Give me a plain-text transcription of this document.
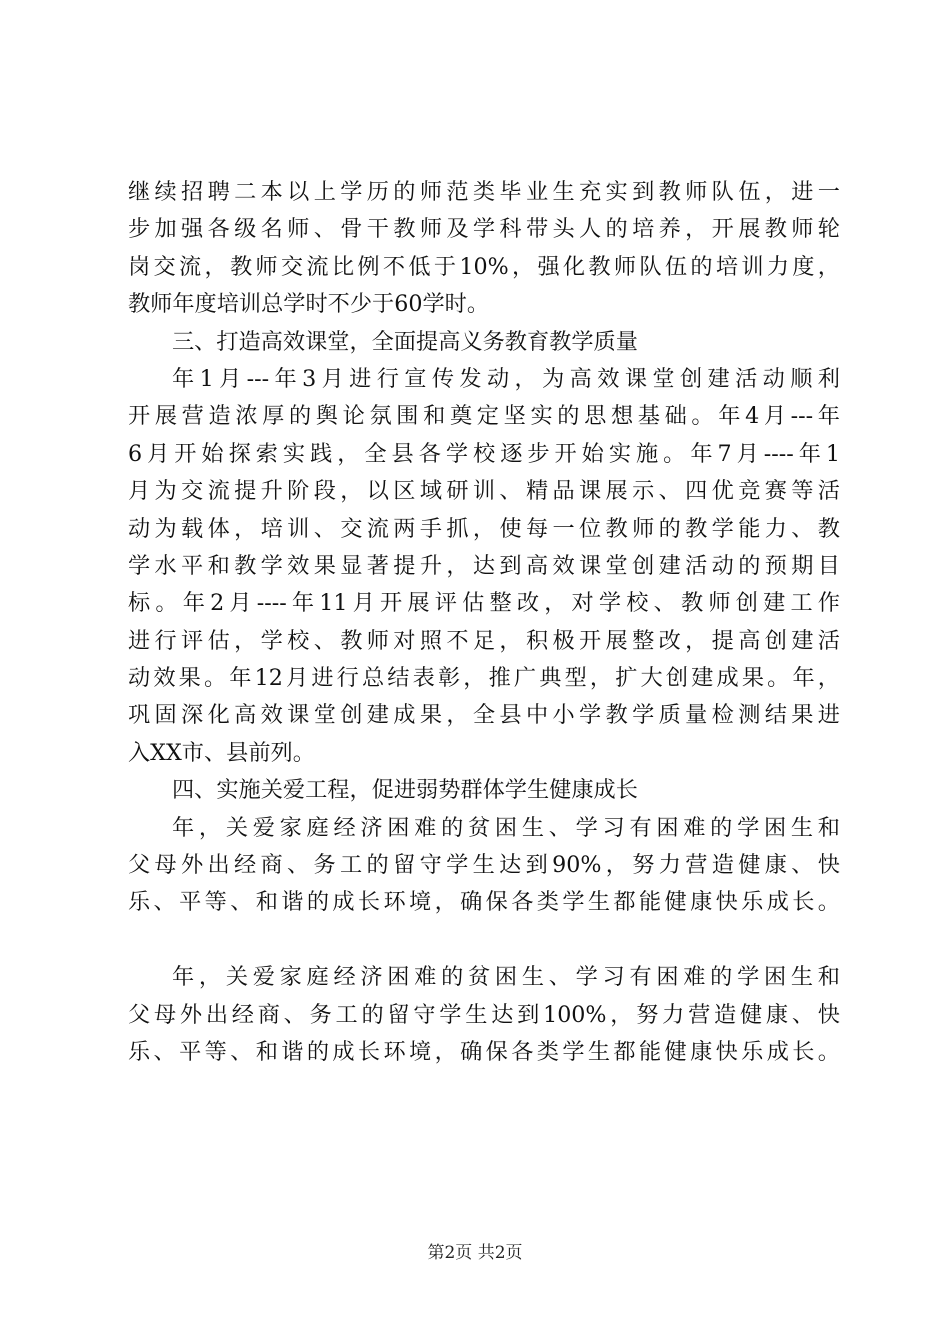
继续招聘二本以上学历的师范类毕业生充实到教师队伍，进一
步加强各级名师、骨干教师及学科带头人的培养，开展教师轮
岗交流，教师交流比例不低于10%，强化教师队伍的培训力度，
教师年度培训总学时不少于60学时。
三、打造高效课堂，全面提高义务教育教学质量
年1月---年3月进行宣传发动，为高效课堂创建活动顺利
开展营造浓厚的舆论氛围和奠定坚实的思想基础。年4月---年
6月开始探索实践，全县各学校逐步开始实施。年7月----年1
月为交流提升阶段，以区域研训、精品课展示、四优竞赛等活
动为载体，培训、交流两手抓，使每一位教师的教学能力、教
学水平和教学效果显著提升，达到高效课堂创建活动的预期目
标。年2月----年11月开展评估整改，对学校、教师创建工作
进行评估，学校、教师对照不足，积极开展整改，提高创建活
动效果。年12月进行总结表彰，推广典型，扩大创建成果。年，
巩固深化高效课堂创建成果，全县中小学教学质量检测结果进
入XX市、县前列。
四、实施关爱工程，促进弱势群体学生健康成长
年，关爱家庭经济困难的贫困生、学习有困难的学困生和
父母外出经商、务工的留守学生达到90%，努力营造健康、快
乐、平等、和谐的成长环境，确保各类学生都能健康快乐成长。
年，关爱家庭经济困难的贫困生、学习有困难的学困生和
父母外出经商、务工的留守学生达到100%，努力营造健康、快
乐、平等、和谐的成长环境，确保各类学生都能健康快乐成长。
第2页 共2页
